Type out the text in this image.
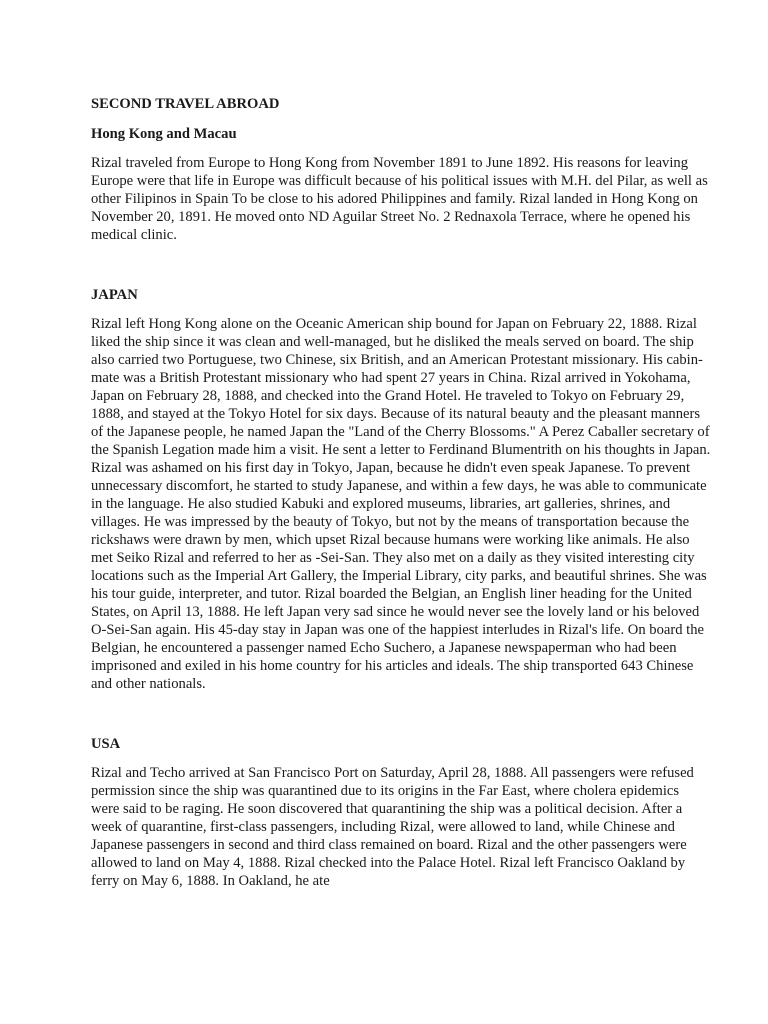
SECOND TRAVEL ABROAD
Hong Kong and Macau

Rizal traveled from Europe to Hong Kong from November 1891 to June 1892. His reasons for leaving Europe were that life in Europe was difficult because of his political issues with M.H. del Pilar, as well as other Filipinos in Spain To be close to his adored Philippines and family. Rizal landed in Hong Kong on November 20, 1891. He moved onto ND Aguilar Street No. 2 Rednaxola Terrace, where he opened his medical clinic.

JAPAN

Rizal left Hong Kong alone on the Oceanic American ship bound for Japan on February 22, 1888. Rizal liked the ship since it was clean and well-managed, but he disliked the meals served on board. The ship also carried two Portuguese, two Chinese, six British, and an American Protestant missionary. His cabin-mate was a British Protestant missionary who had spent 27 years in China. Rizal arrived in Yokohama, Japan on February 28, 1888, and checked into the Grand Hotel. He traveled to Tokyo on February 29, 1888, and stayed at the Tokyo Hotel for six days. Because of its natural beauty and the pleasant manners of the Japanese people, he named Japan the "Land of the Cherry Blossoms." A Perez Caballer secretary of the Spanish Legation made him a visit. He sent a letter to Ferdinand Blumentrith on his thoughts in Japan. Rizal was ashamed on his first day in Tokyo, Japan, because he didn't even speak Japanese. To prevent unnecessary discomfort, he started to study Japanese, and within a few days, he was able to communicate in the language. He also studied Kabuki and explored museums, libraries, art galleries, shrines, and villages. He was impressed by the beauty of Tokyo, but not by the means of transportation because the rickshaws were drawn by men, which upset Rizal because humans were working like animals. He also met Seiko Rizal and referred to her as -Sei-San. They also met on a daily as they visited interesting city locations such as the Imperial Art Gallery, the Imperial Library, city parks, and beautiful shrines. She was his tour guide, interpreter, and tutor. Rizal boarded the Belgian, an English liner heading for the United States, on April 13, 1888. He left Japan very sad since he would never see the lovely land or his beloved O-Sei-San again. His 45-day stay in Japan was one of the happiest interludes in Rizal's life. On board the Belgian, he encountered a passenger named Echo Suchero, a Japanese newspaperman who had been imprisoned and exiled in his home country for his articles and ideals. The ship transported 643 Chinese and other nationals.

USA

Rizal and Techo arrived at San Francisco Port on Saturday, April 28, 1888. All passengers were refused permission since the ship was quarantined due to its origins in the Far East, where cholera epidemics were said to be raging. He soon discovered that quarantining the ship was a political decision. After a week of quarantine, first-class passengers, including Rizal, were allowed to land, while Chinese and Japanese passengers in second and third class remained on board. Rizal and the other passengers were allowed to land on May 4, 1888. Rizal checked into the Palace Hotel. Rizal left Francisco Oakland by ferry on May 6, 1888. In Oakland, he ate
